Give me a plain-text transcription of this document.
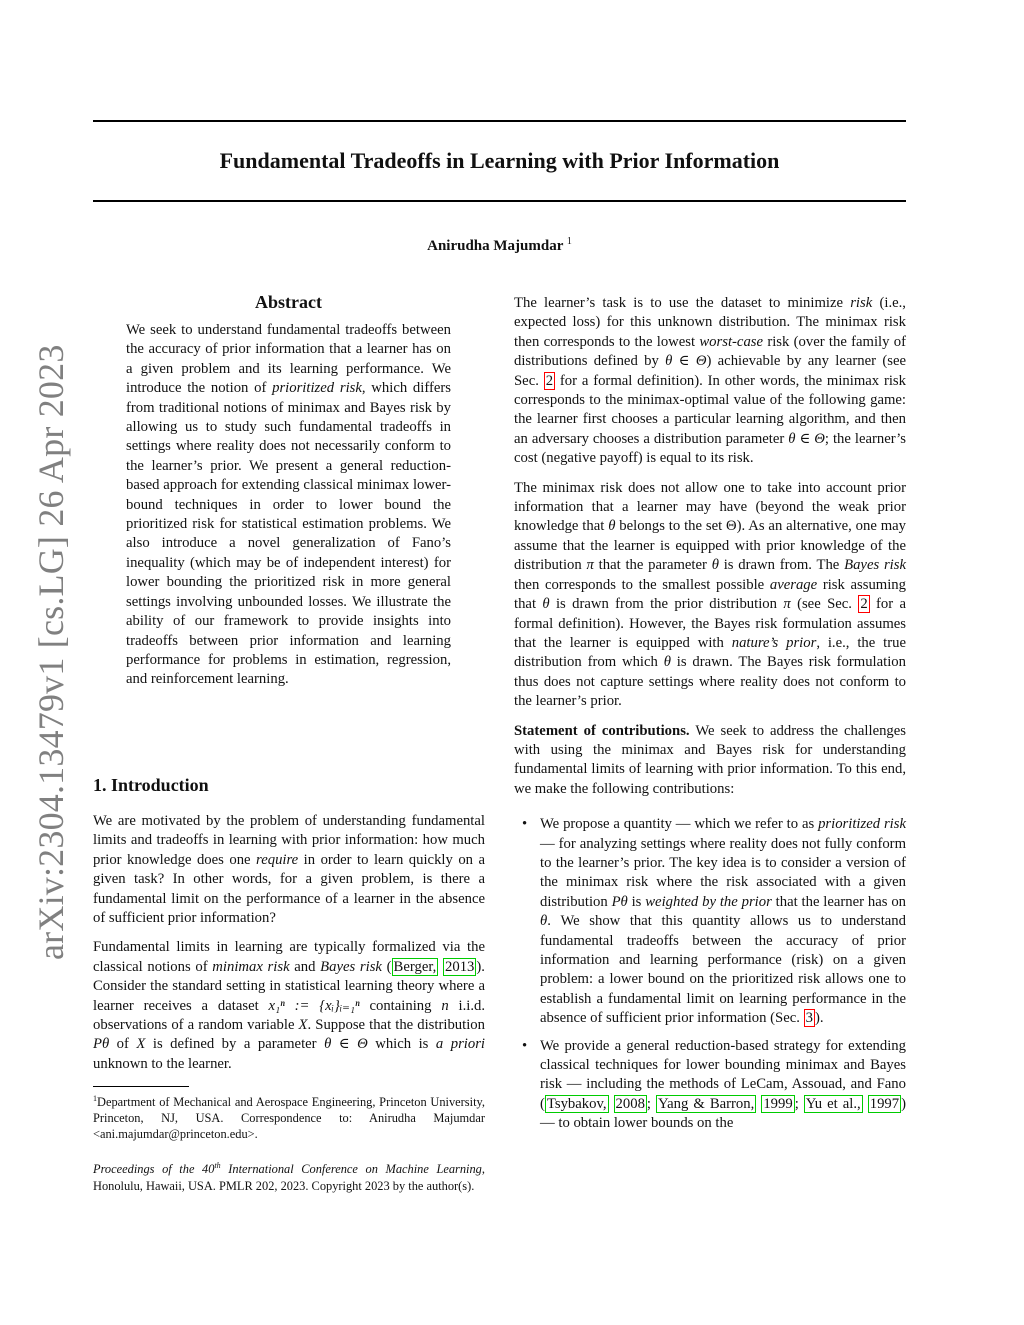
Fundamental Tradeoffs in Learning with Prior Information
Anirudha Majumdar $^1$
arXiv:2304.13479v1 [cs.LG] 26 Apr 2023
Abstract

We seek to understand fundamental tradeoffs between the accuracy of prior information that a learner has on a given problem and its learning performance. We introduce the notion of prioritized risk, which differs from traditional notions of minimax and Bayes risk by allowing us to study such fundamental tradeoffs in settings where reality does not necessarily conform to the learner’s prior. We present a general reduction-based approach for extending classical minimax lower-bound techniques in order to lower bound the prioritized risk for statistical estimation problems. We also introduce a novel generalization of Fano’s inequality (which may be of independent interest) for lower bounding the prioritized risk in more general settings involving unbounded losses. We illustrate the ability of our framework to provide insights into tradeoffs between prior information and learning performance for problems in estimation, regression, and reinforcement learning.

1. Introduction

We are motivated by the problem of understanding fundamental limits and tradeoffs in learning with prior information: how much prior knowledge does one require in order to learn quickly on a given task? In other words, for a given problem, is there a fundamental limit on the performance of a learner in the absence of sufficient prior information?

Fundamental limits in learning are typically formalized via the classical notions of minimax risk and Bayes risk ( Berger, 2013 ). Consider the standard setting in statistical learning theory where a learner receives a dataset x₁ⁿ := {xᵢ}ᵢ₌₁ⁿ containing n i.i.d. observations of a random variable X. Suppose that the distribution Pθ of X is defined by a parameter θ ∈ Θ which is a priori unknown to the learner.

$^1$Department of Mechanical and Aerospace Engineering, Princeton University, Princeton, NJ, USA. Correspondence to: Anirudha Majumdar <ani.majumdar@princeton.edu>.

Proceedings of the 40th International Conference on Machine Learning, Honolulu, Hawaii, USA. PMLR 202, 2023. Copyright 2023 by the author(s).

The learner’s task is to use the dataset to minimize risk (i.e., expected loss) for this unknown distribution. The minimax risk then corresponds to the lowest worst-case risk (over the family of distributions defined by θ ∈ Θ) achievable by any learner (see Sec. 2 for a formal definition). In other words, the minimax risk corresponds to the minimax-optimal value of the following game: the learner first chooses a particular learning algorithm, and then an adversary chooses a distribution parameter θ ∈ Θ; the learner’s cost (negative payoff) is equal to its risk.

The minimax risk does not allow one to take into account prior information that a learner may have (beyond the weak prior knowledge that θ belongs to the set Θ). As an alternative, one may assume that the learner is equipped with prior knowledge of the distribution π that the parameter θ is drawn from. The Bayes risk then corresponds to the smallest possible average risk assuming that θ is drawn from the prior distribution π (see Sec. 2 for a formal definition). However, the Bayes risk formulation assumes that the learner is equipped with nature’s prior, i.e., the true distribution from which θ is drawn. The Bayes risk formulation thus does not capture settings where reality does not conform to the learner’s prior.

Statement of contributions. We seek to address the challenges with using the minimax and Bayes risk for understanding fundamental limits of learning with prior information. To this end, we make the following contributions:

• We propose a quantity — which we refer to as prioritized risk — for analyzing settings where reality does not fully conform to the learner’s prior. The key idea is to consider a version of the minimax risk where the risk associated with a given distribution Pθ is weighted by the prior that the learner has on θ. We show that this quantity allows us to understand fundamental tradeoffs between the accuracy of prior information and learning performance (risk) on a given problem: a lower bound on the prioritized risk allows one to establish a fundamental limit on learning performance in the absence of sufficient prior information (Sec. 3 ).
• We provide a general reduction-based strategy for extending classical techniques for lower bounding minimax and Bayes risk — including the methods of LeCam, Assouad, and Fano ( Tsybakov, 2008 ; Yang & Barron, 1999 ; Yu et al., 1997 ) — to obtain lower bounds on the
